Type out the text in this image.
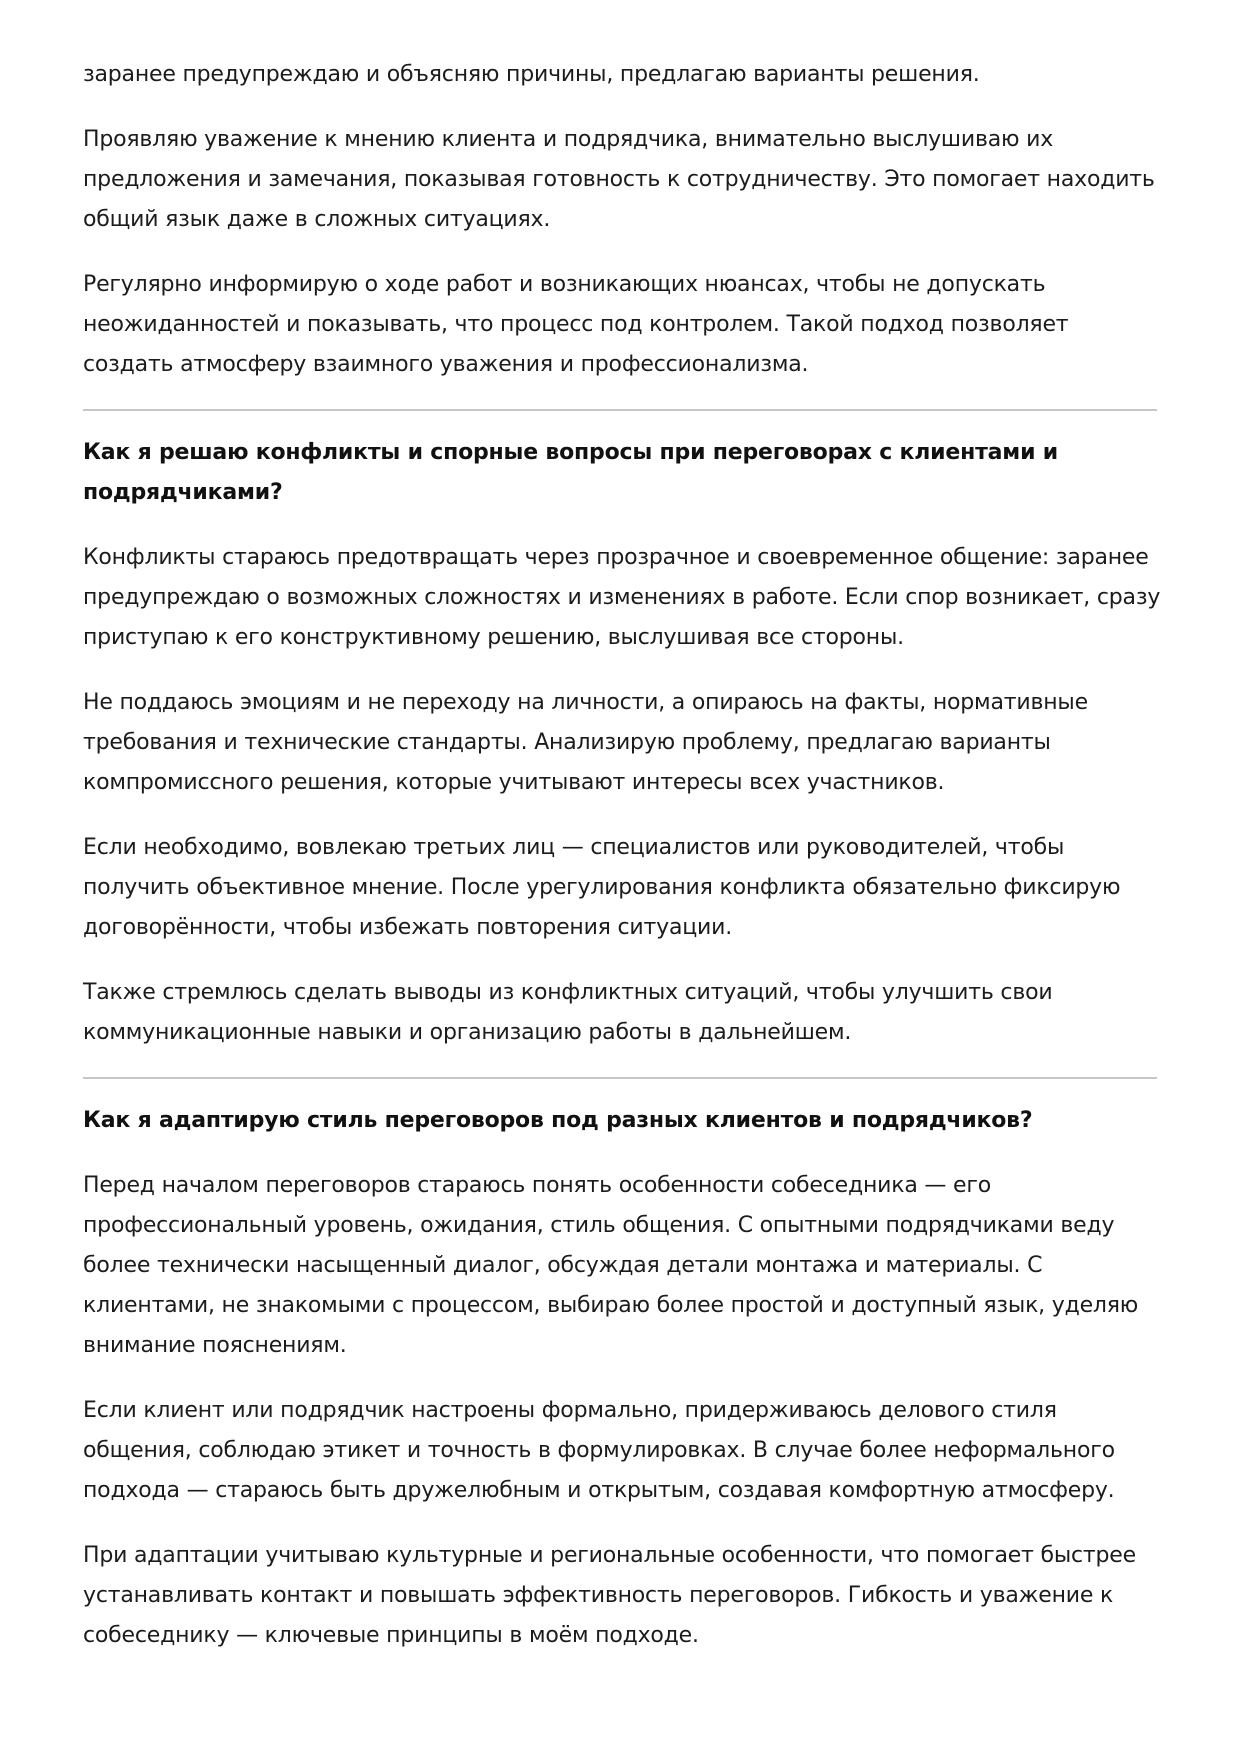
заранее предупреждаю и объясняю причины, предлагаю варианты решения.

Проявляю уважение к мнению клиента и подрядчика, внимательно выслушиваю их предложения и замечания, показывая готовность к сотрудничеству. Это помогает находить общий язык даже в сложных ситуациях.

Регулярно информирую о ходе работ и возникающих нюансах, чтобы не допускать неожиданностей и показывать, что процесс под контролем. Такой подход позволяет создать атмосферу взаимного уважения и профессионализма.

Как я решаю конфликты и спорные вопросы при переговорах с клиентами и подрядчиками?

Конфликты стараюсь предотвращать через прозрачное и своевременное общение: заранее предупреждаю о возможных сложностях и изменениях в работе. Если спор возникает, сразу приступаю к его конструктивному решению, выслушивая все стороны.

Не поддаюсь эмоциям и не переходу на личности, а опираюсь на факты, нормативные требования и технические стандарты. Анализирую проблему, предлагаю варианты компромиссного решения, которые учитывают интересы всех участников.

Если необходимо, вовлекаю третьих лиц — специалистов или руководителей, чтобы получить объективное мнение. После урегулирования конфликта обязательно фиксирую договорённости, чтобы избежать повторения ситуации.

Также стремлюсь сделать выводы из конфликтных ситуаций, чтобы улучшить свои коммуникационные навыки и организацию работы в дальнейшем.

Как я адаптирую стиль переговоров под разных клиентов и подрядчиков?

Перед началом переговоров стараюсь понять особенности собеседника — его профессиональный уровень, ожидания, стиль общения. С опытными подрядчиками веду более технически насыщенный диалог, обсуждая детали монтажа и материалы. С клиентами, не знакомыми с процессом, выбираю более простой и доступный язык, уделяю внимание пояснениям.

Если клиент или подрядчик настроены формально, придерживаюсь делового стиля общения, соблюдаю этикет и точность в формулировках. В случае более неформального подхода — стараюсь быть дружелюбным и открытым, создавая комфортную атмосферу.

При адаптации учитываю культурные и региональные особенности, что помогает быстрее устанавливать контакт и повышать эффективность переговоров. Гибкость и уважение к собеседнику — ключевые принципы в моём подходе.
